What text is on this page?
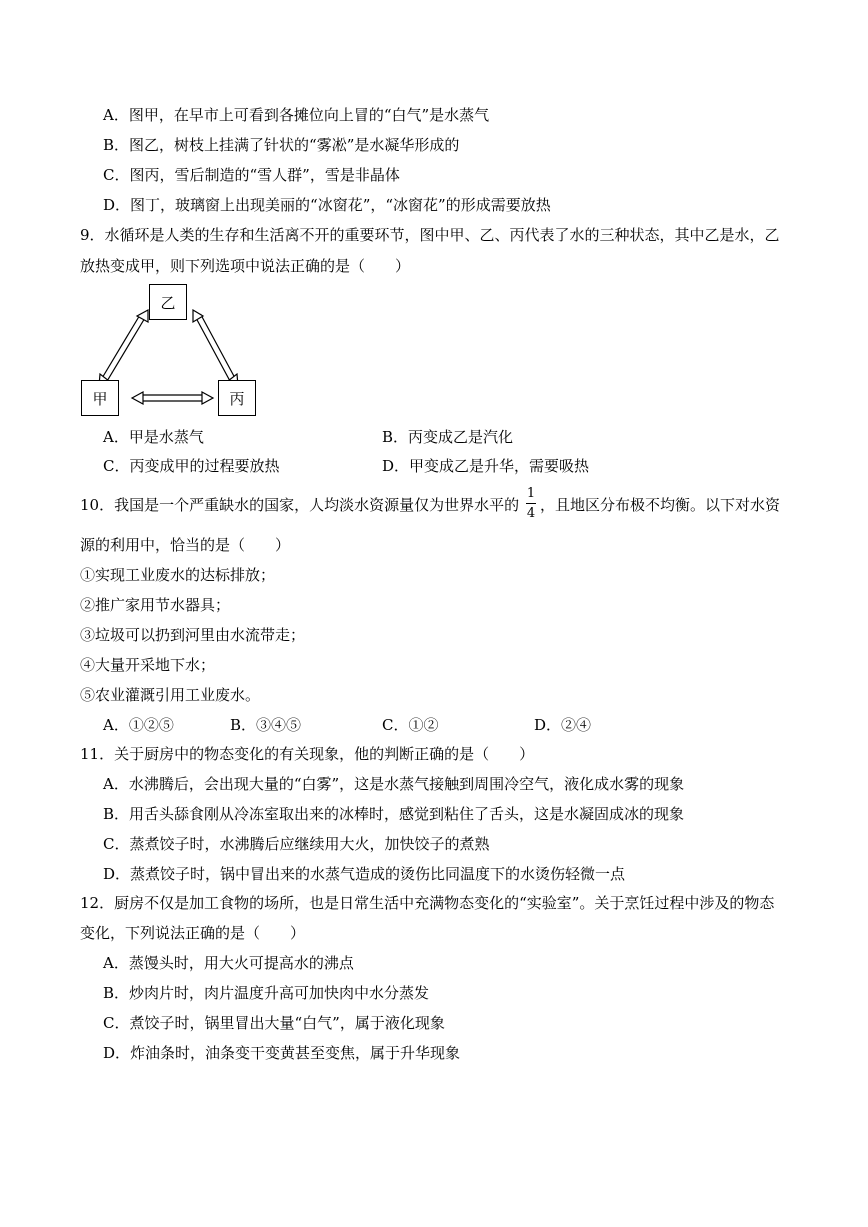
A．图甲，在早市上可看到各摊位向上冒的“白气”是水蒸气
B．图乙，树枝上挂满了针状的“雾凇”是水凝华形成的
C．图丙，雪后制造的“雪人群”，雪是非晶体
D．图丁，玻璃窗上出现美丽的“冰窗花”，“冰窗花”的形成需要放热
9．水循环是人类的生存和生活离不开的重要环节，图中甲、乙、丙代表了水的三种状态，其中乙是水，乙
放热变成甲，则下列选项中说法正确的是（　　）
乙
甲	丙
A．甲是水蒸气	B．丙变成乙是汽化
C．丙变成甲的过程要放热	D．甲变成乙是升华，需要吸热
10．我国是一个严重缺水的国家，人均淡水资源量仅为世界水平的
1
4 ，且地区分布极不均衡。以下对水资
源的利用中，恰当的是（　　）
①实现工业废水的达标排放；
②推广家用节水器具；
③垃圾可以扔到河里由水流带走；
④大量开采地下水；
⑤农业灌溉引用工业废水。
A．①②⑤	B．③④⑤	C．①②	D．②④
11．关于厨房中的物态变化的有关现象，他的判断正确的是（　　）
A．水沸腾后，会出现大量的“白雾”，这是水蒸气接触到周围冷空气，液化成水雾的现象
B．用舌头舔食刚从冷冻室取出来的冰棒时，感觉到粘住了舌头，这是水凝固成冰的现象
C．蒸煮饺子时，水沸腾后应继续用大火，加快饺子的煮熟
D．蒸煮饺子时，锅中冒出来的水蒸气造成的烫伤比同温度下的水烫伤轻微一点
12．厨房不仅是加工食物的场所，也是日常生活中充满物态变化的“实验室”。关于烹饪过程中涉及的物态
变化，下列说法正确的是（　　）
A．蒸馒头时，用大火可提高水的沸点
B．炒肉片时，肉片温度升高可加快肉中水分蒸发
C．煮饺子时，锅里冒出大量“白气”，属于液化现象
D．炸油条时，油条变干变黄甚至变焦，属于升华现象
